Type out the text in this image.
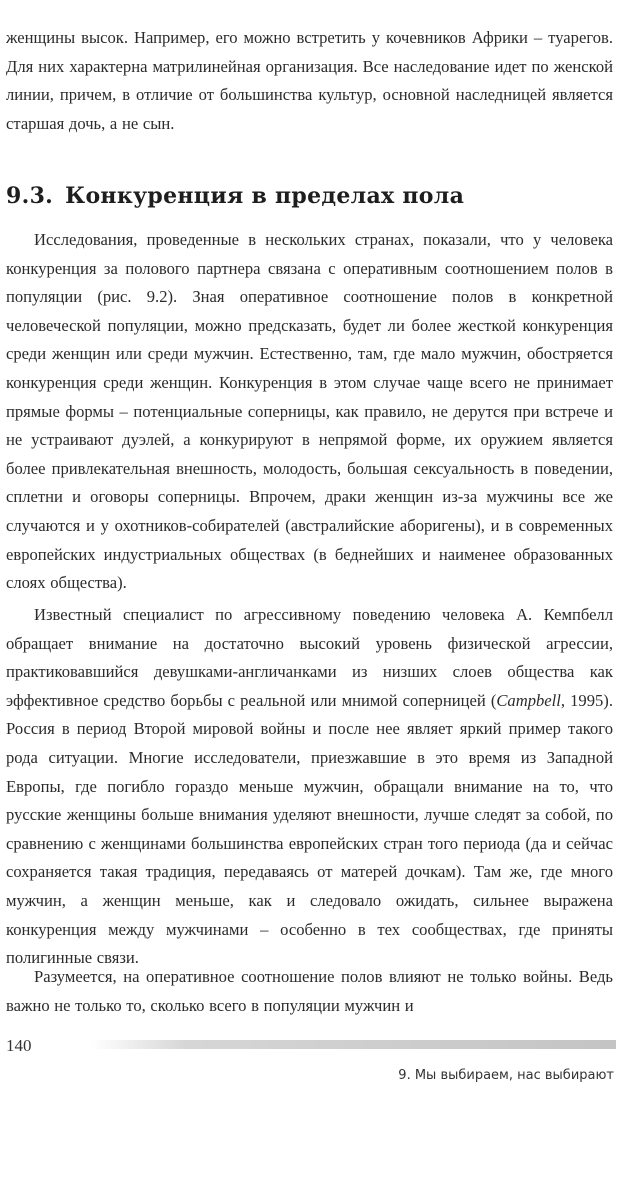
женщины высок. Например, его можно встретить у кочевников Африки – туарегов. Для них характерна матрилинейная организация. Все наследование идет по женской линии, причем, в отличие от большинства культур, основной наследницей является старшая дочь, а не сын.

9.3. Конкуренция в пределах пола

Исследования, проведенные в нескольких странах, показали, что у человека конкуренция за полового партнера связана с оперативным соотношением полов в популяции (рис. 9.2). Зная оперативное соотношение полов в конкретной человеческой популяции, можно предсказать, будет ли более жесткой конкуренция среди женщин или среди мужчин. Естественно, там, где мало мужчин, обостряется конкуренция среди женщин. Конкуренция в этом случае чаще всего не принимает прямые формы – потенциальные соперницы, как правило, не дерутся при встрече и не устраивают дуэлей, а конкурируют в непрямой форме, их оружием является более привлекательная внешность, молодость, большая сексуальность в поведении, сплетни и оговоры соперницы. Впрочем, драки женщин из-за мужчины все же случаются и у охотников-собирателей (австралийские аборигены), и в современных европейских индустриальных обществах (в беднейших и наименее образованных слоях общества).

Известный специалист по агрессивному поведению человека А. Кемпбелл обращает внимание на достаточно высокий уровень физической агрессии, практиковавшийся девушками-англичанками из низших слоев общества как эффективное средство борьбы с реальной или мнимой соперницей (Campbell, 1995). Россия в период Второй мировой войны и после нее являет яркий пример такого рода ситуации. Многие исследователи, приезжавшие в это время из Западной Европы, где погибло гораздо меньше мужчин, обращали внимание на то, что русские женщины больше внимания уделяют внешности, лучше следят за собой, по сравнению с женщинами большинства европейских стран того периода (да и сейчас сохраняется такая традиция, передаваясь от матерей дочкам). Там же, где много мужчин, а женщин меньше, как и следовало ожидать, сильнее выражена конкуренция между мужчинами – особенно в тех сообществах, где приняты полигинные связи.

Разумеется, на оперативное соотношение полов влияют не только войны. Ведь важно не только то, сколько всего в популяции мужчин и

140
9. Мы выбираем, нас выбирают
